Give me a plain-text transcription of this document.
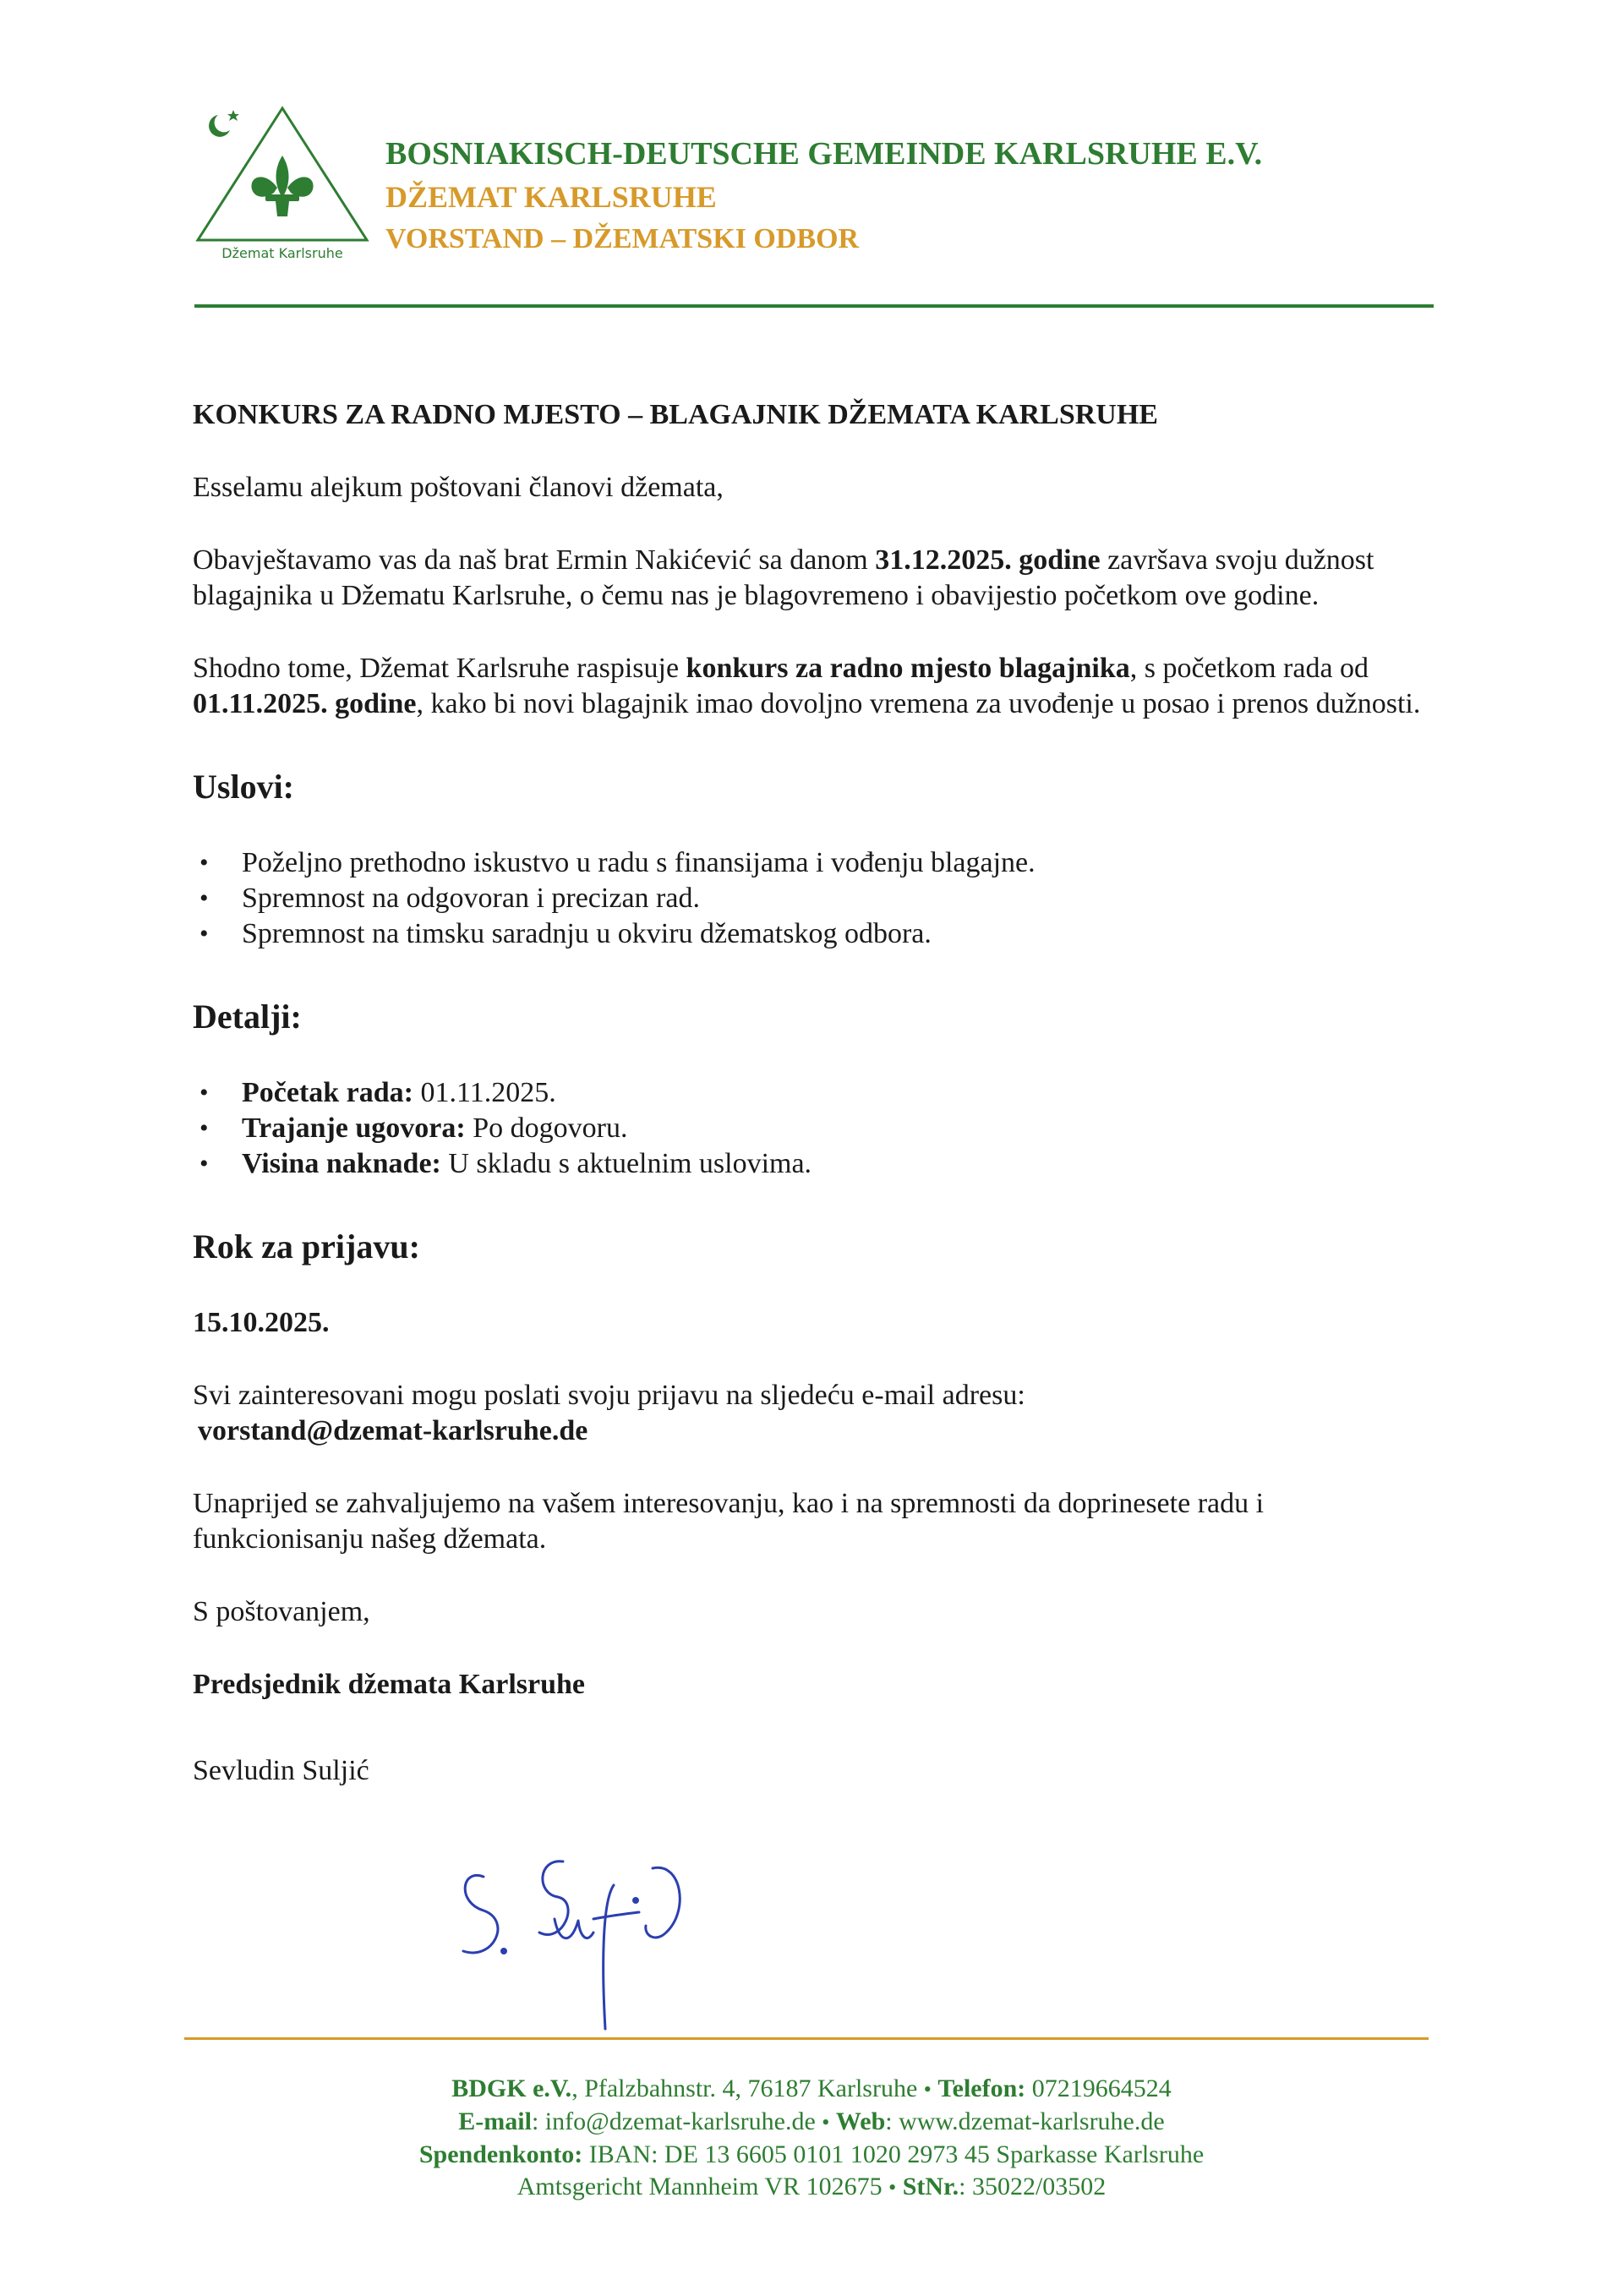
Džemat Karlsruhe
BOSNIAKISCH-DEUTSCHE GEMEINDE KARLSRUHE E.V.
DŽEMAT KARLSRUHE
VORSTAND – DŽEMATSKI ODBOR

KONKURS ZA RADNO MJESTO – BLAGAJNIK DŽEMATA KARLSRUHE

Esselamu alejkum poštovani članovi džemata,

Obavještavamo vas da naš brat Ermin Nakićević sa danom 31.12.2025. godine završava svoju dužnost blagajnika u Džematu Karlsruhe, o čemu nas je blagovremeno i obavijestio početkom ove godine.

Shodno tome, Džemat Karlsruhe raspisuje konkurs za radno mjesto blagajnika, s početkom rada od 01.11.2025. godine, kako bi novi blagajnik imao dovoljno vremena za uvođenje u posao i prenos dužnosti.

Uslovi:

• Poželjno prethodno iskustvo u radu s finansijama i vođenju blagajne.
• Spremnost na odgovoran i precizan rad.
• Spremnost na timsku saradnju u okviru džematskog odbora.

Detalji:

• Početak rada: 01.11.2025.
• Trajanje ugovora: Po dogovoru.
• Visina naknade: U skladu s aktuelnim uslovima.

Rok za prijavu:

15.10.2025.

Svi zainteresovani mogu poslati svoju prijavu na sljedeću e-mail adresu:

vorstand@dzemat-karlsruhe.de

Unaprijed se zahvaljujemo na vašem interesovanju, kao i na spremnosti da doprinesete radu i funkcionisanju našeg džemata.

S poštovanjem,

Predsjednik džemata Karlsruhe

Sevludin Suljić

BDGK e.V., Pfalzbahnstr. 4, 76187 Karlsruhe • Telefon: 07219664524
E-mail: info@dzemat-karlsruhe.de • Web: www.dzemat-karlsruhe.de
Spendenkonto: IBAN: DE 13 6605 0101 1020 2973 45 Sparkasse Karlsruhe
Amtsgericht Mannheim VR 102675 • StNr.: 35022/03502
